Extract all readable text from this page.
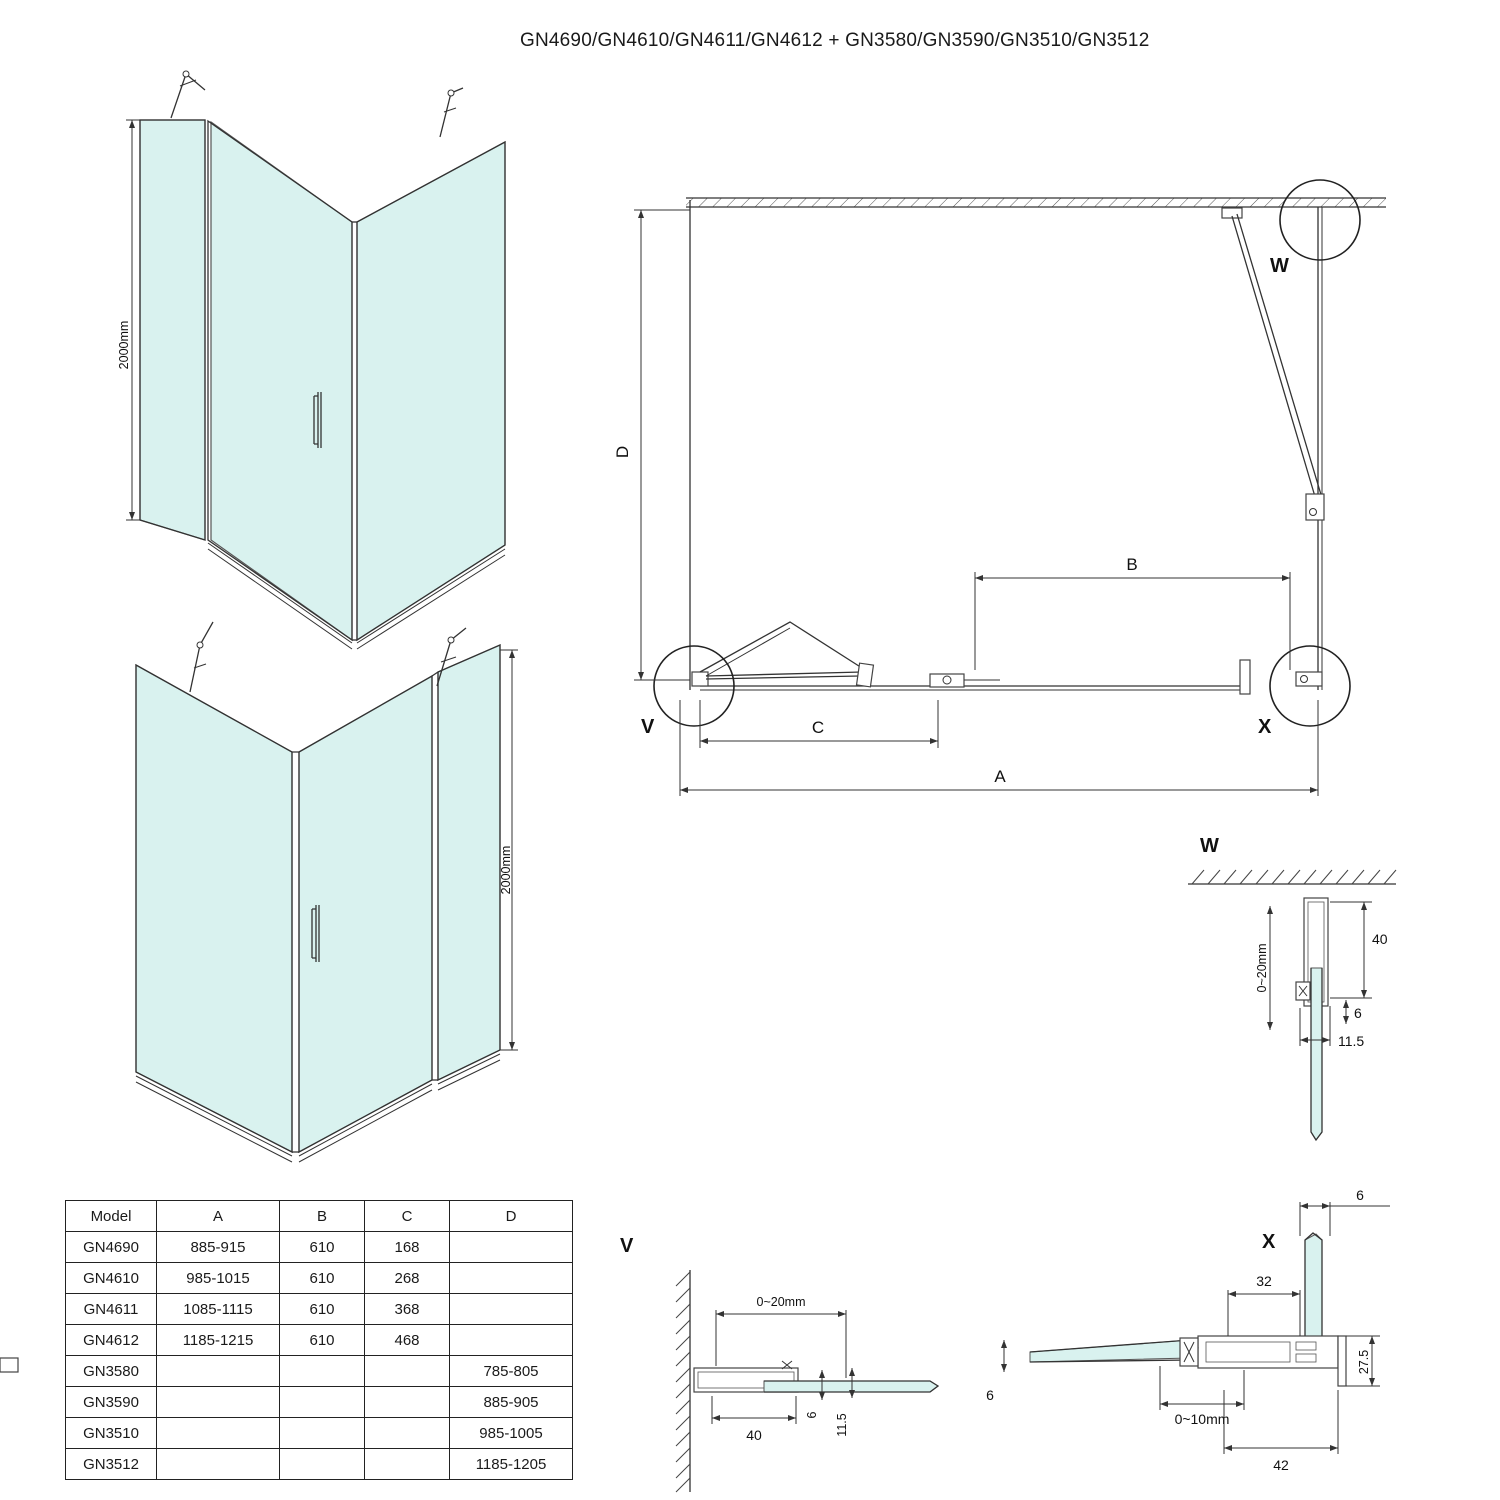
GN4690/GN4610/GN4611/GN4612 + GN3580/GN3590/GN3510/GN3512
2000mm
2000mm
W
V	X
D
B
C
A
W
40
6
11.5
0~20mm
V
0~20mm
40
6 11.5
X
6
32
27.5
6
0~10mm
42
Model	A	B	C	D
GN4690	885-915	610	168	
GN4610	985-1015	610	268	
GN4611	1085-1115	610	368	
GN4612	1185-1215	610	468	
GN3580				785-805
GN3590				885-905
GN3510				985-1005
GN3512				1185-1205
